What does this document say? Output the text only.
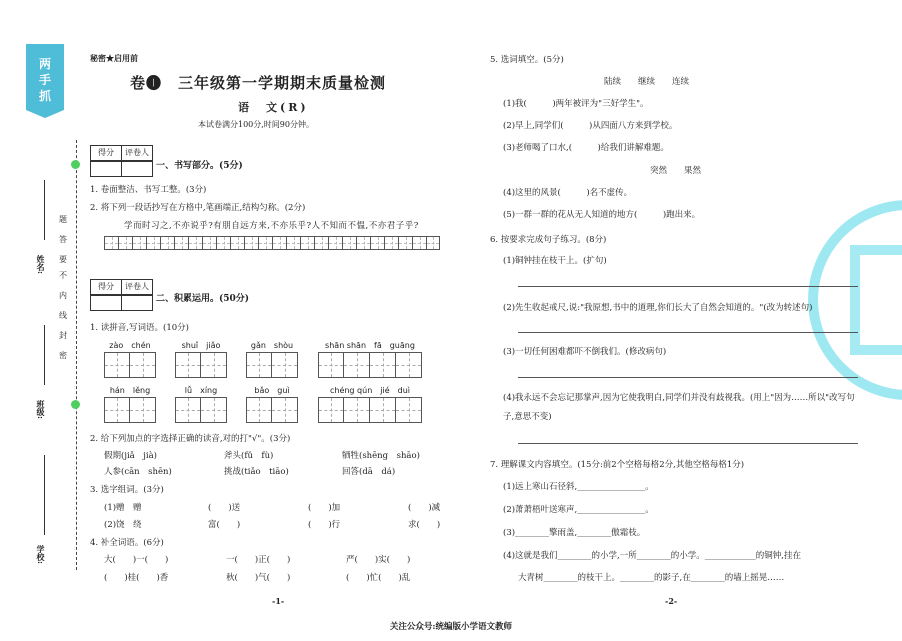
两
手
抓
题
答
要
不
内
线
封
密
姓名:
班级:
学校:
秘密★启用前
卷❶　三年级第一学期期末质量检测
语　文(R)
本试卷满分100分,时间90分钟。
得分	评卷人
一、书写部分。(5分)
1. 卷面整洁、书写工整。(3分)
2. 将下列一段话抄写在方格中,笔画端正,结构匀称。(2分)
学而时习之,不亦说乎?有朋自远方来,不亦乐乎?人不知而不愠,不亦君子乎?
得分	评卷人
二、积累运用。(50分)
1. 读拼音,写词语。(10分)
zào　chén	shuǐ　jiǎo	gǎn　shòu	shān shān　fā　guāng
hán　lěng	lǚ　xíng	bǎo　guì	chéng qún　jié　duì
2. 给下列加点的字选择正确的读音,对的打"√"。(3分)
假期(jiǎ　jià)	斧头(fǔ　fù)	牺牲(shēng　shāo)
人参(cān　shēn)	挑战(tiǎo　tiāo)	回答(dā　dá)
3. 选字组词。(3分)
(1)赠　赠	(　　)送	(　　)加	(　　)减
(2)饶　绕	富(　　)	(　　)行	求(　　)
4. 补全词语。(6分)
大(　　)一(　　)	一(　　)正(　　)	严(　　)实(　　)
(　　)桂(　　)香	秋(　　)气(　　)	(　　)忙(　　)乱
-1-
5. 选词填空。(5分)
陆续　　继续　　连续
(1)我(　　　)两年被评为"三好学生"。
(2)早上,同学们(　　　)从四面八方来到学校。
(3)老师喝了口水,(　　　)给我们讲解难题。
突然　　果然
(4)这里的风景(　　　)名不虚传。
(5)一群一群的花从无人知道的地方(　　　)跑出来。
6. 按要求完成句子练习。(8分)
(1)铜钟挂在枝干上。(扩句)
(2)先生收起戒尺,说:"我原想,书中的道理,你们长大了自然会知道的。"(改为转述句)
(3)一切任何困难都吓不倒我们。(修改病句)
(4)我永远不会忘记那掌声,因为它使我明白,同学们并没有歧视我。(用上"因为……所以"改写句子,意思不变)
7. 理解课文内容填空。(15分:前2个空格每格2分,其他空格每格1分)
(1)远上寒山石径斜,________________。
(2)萧萧梧叶送寒声,________________。
(3)________擎雨盖,________傲霜枝。
(4)这就是我们________的小学,一所________的小学。____________的铜钟,挂在
大青树________的枝干上。________的影子,在________的墙上摇晃……
-2-
关注公众号:统编版小学语文教师
